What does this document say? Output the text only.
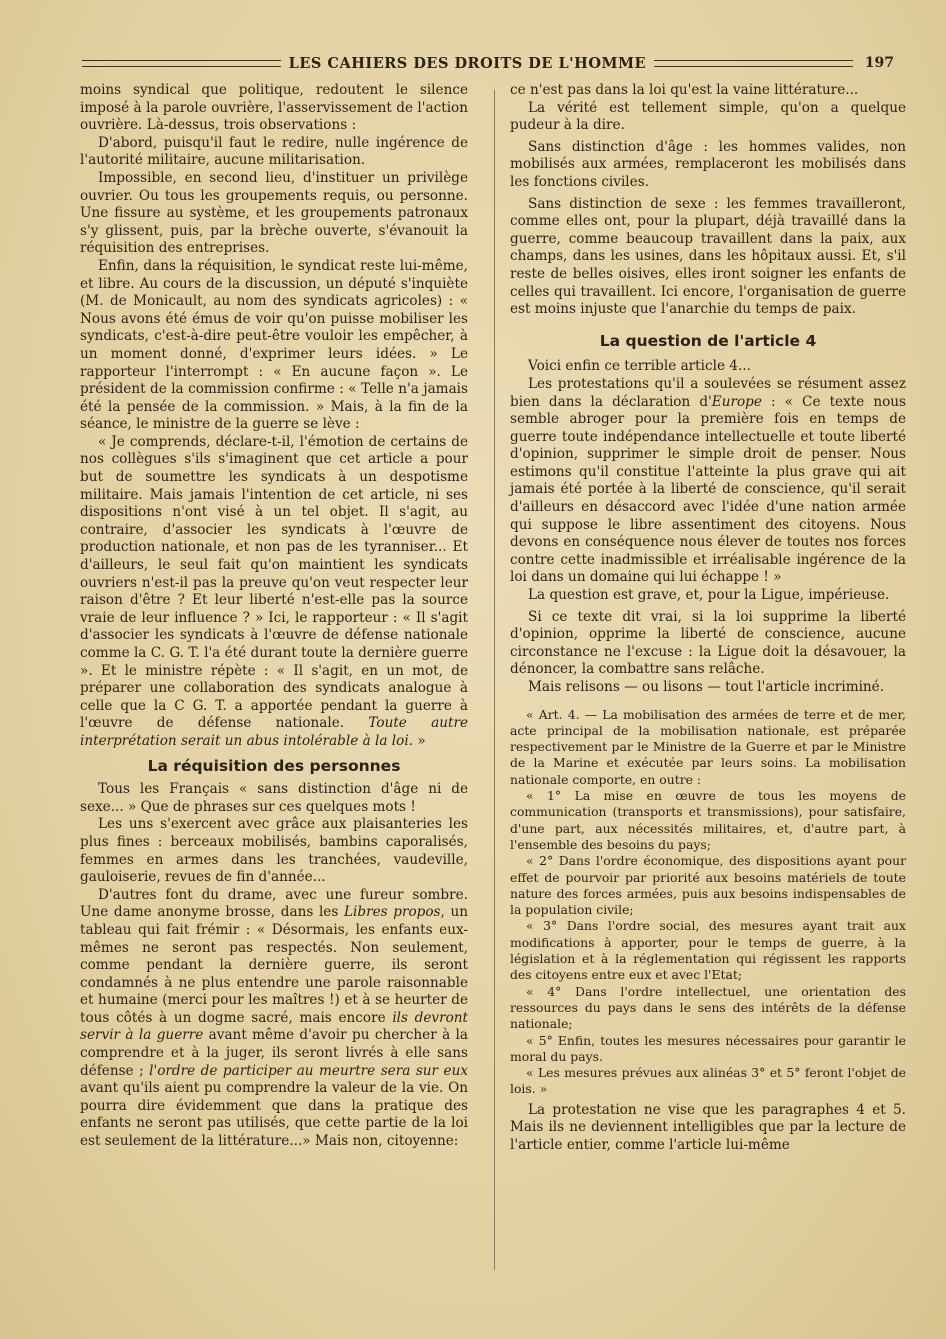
LES CAHIERS DES DROITS DE L'HOMME	197

moins syndical que politique, redoutent le silence imposé à la parole ouvrière, l'asservissement de l'action ouvrière. Là-dessus, trois observations :

D'abord, puisqu'il faut le redire, nulle ingérence de l'autorité militaire, aucune militarisation.

Impossible, en second lieu, d'instituer un privilège ouvrier. Ou tous les groupements requis, ou personne. Une fissure au système, et les groupements patronaux s'y glissent, puis, par la brèche ouverte, s'évanouit la réquisition des entreprises.

Enfin, dans la réquisition, le syndicat reste lui-même, et libre. Au cours de la discussion, un député s'inquiète (M. de Monicault, au nom des syndicats agricoles) : « Nous avons été émus de voir qu'on puisse mobiliser les syndicats, c'est-à-dire peut-être vouloir les empêcher, à un moment donné, d'exprimer leurs idées. » Le rapporteur l'interrompt : « En aucune façon ». Le président de la commission confirme : « Telle n'a jamais été la pensée de la commission. » Mais, à la fin de la séance, le ministre de la guerre se lève :

« Je comprends, déclare-t-il, l'émotion de certains de nos collègues s'ils s'imaginent que cet article a pour but de soumettre les syndicats à un despotisme militaire. Mais jamais l'intention de cet article, ni ses dispositions n'ont visé à un tel objet. Il s'agit, au contraire, d'associer les syndicats à l'œuvre de production nationale, et non pas de les tyranniser... Et d'ailleurs, le seul fait qu'on maintient les syndicats ouvriers n'est-il pas la preuve qu'on veut respecter leur raison d'être ? Et leur liberté n'est-elle pas la source vraie de leur influence ? » Ici, le rapporteur : « Il s'agit d'associer les syndicats à l'œuvre de défense nationale comme la C. G. T. l'a été durant toute la dernière guerre ». Et le ministre répète : « Il s'agit, en un mot, de préparer une collaboration des syndicats analogue à celle que la C G. T. a apportée pendant la guerre à l'œuvre de défense nationale. Toute autre interprétation serait un abus intolérable à la loi. »

La réquisition des personnes

Tous les Français « sans distinction d'âge ni de sexe... » Que de phrases sur ces quelques mots !

Les uns s'exercent avec grâce aux plaisanteries les plus fines : berceaux mobilisés, bambins caporalisés, femmes en armes dans les tranchées, vaudeville, gauloiserie, revues de fin d'année...

D'autres font du drame, avec une fureur sombre. Une dame anonyme brosse, dans les Libres propos, un tableau qui fait frémir : « Désormais, les enfants eux-mêmes ne seront pas respectés. Non seulement, comme pendant la dernière guerre, ils seront condamnés à ne plus entendre une parole raisonnable et humaine (merci pour les maîtres !) et à se heurter de tous côtés à un dogme sacré, mais encore ils devront servir à la guerre avant même d'avoir pu chercher à la comprendre et à la juger, ils seront livrés à elle sans défense ; l'ordre de participer au meurtre sera sur eux avant qu'ils aient pu comprendre la valeur de la vie. On pourra dire évidemment que dans la pratique des enfants ne seront pas utilisés, que cette partie de la loi est seulement de la littérature...» Mais non, citoyenne:

ce n'est pas dans la loi qu'est la vaine littérature...

La vérité est tellement simple, qu'on a quelque pudeur à la dire.

Sans distinction d'âge : les hommes valides, non mobilisés aux armées, remplaceront les mobilisés dans les fonctions civiles.

Sans distinction de sexe : les femmes travailleront, comme elles ont, pour la plupart, déjà travaillé dans la guerre, comme beaucoup travaillent dans la paix, aux champs, dans les usines, dans les hôpitaux aussi. Et, s'il reste de belles oisives, elles iront soigner les enfants de celles qui travaillent. Ici encore, l'organisation de guerre est moins injuste que l'anarchie du temps de paix.

La question de l'article 4

Voici enfin ce terrible article 4...

Les protestations qu'il a soulevées se résument assez bien dans la déclaration d'Europe : « Ce texte nous semble abroger pour la première fois en temps de guerre toute indépendance intellectuelle et toute liberté d'opinion, supprimer le simple droit de penser. Nous estimons qu'il constitue l'atteinte la plus grave qui ait jamais été portée à la liberté de conscience, qu'il serait d'ailleurs en désaccord avec l'idée d'une nation armée qui suppose le libre assentiment des citoyens. Nous devons en conséquence nous élever de toutes nos forces contre cette inadmissible et irréalisable ingérence de la loi dans un domaine qui lui échappe ! »

La question est grave, et, pour la Ligue, impérieuse.

Si ce texte dit vrai, si la loi supprime la liberté d'opinion, opprime la liberté de conscience, aucune circonstance ne l'excuse : la Ligue doit la désavouer, la dénoncer, la combattre sans relâche.

Mais relisons — ou lisons — tout l'article incriminé.

« Art. 4. — La mobilisation des armées de terre et de mer, acte principal de la mobilisation nationale, est préparée respectivement par le Ministre de la Guerre et par le Ministre de la Marine et exécutée par leurs soins. La mobilisation nationale comporte, en outre :

« 1° La mise en œuvre de tous les moyens de communication (transports et transmissions), pour satisfaire, d'une part, aux nécessités militaires, et, d'autre part, à l'ensemble des besoins du pays;

« 2° Dans l'ordre économique, des dispositions ayant pour effet de pourvoir par priorité aux besoins matériels de toute nature des forces armées, puis aux besoins indispensables de la population civile;

« 3° Dans l'ordre social, des mesures ayant trait aux modifications à apporter, pour le temps de guerre, à la législation et à la réglementation qui régissent les rapports des citoyens entre eux et avec l'Etat;

« 4° Dans l'ordre intellectuel, une orientation des ressources du pays dans le sens des intérêts de la défense nationale;

« 5° Enfin, toutes les mesures nécessaires pour garantir le moral du pays.

« Les mesures prévues aux alinéas 3° et 5° feront l'objet de lois. »

La protestation ne vise que les paragraphes 4 et 5. Mais ils ne deviennent intelligibles que par la lecture de l'article entier, comme l'article lui-même
